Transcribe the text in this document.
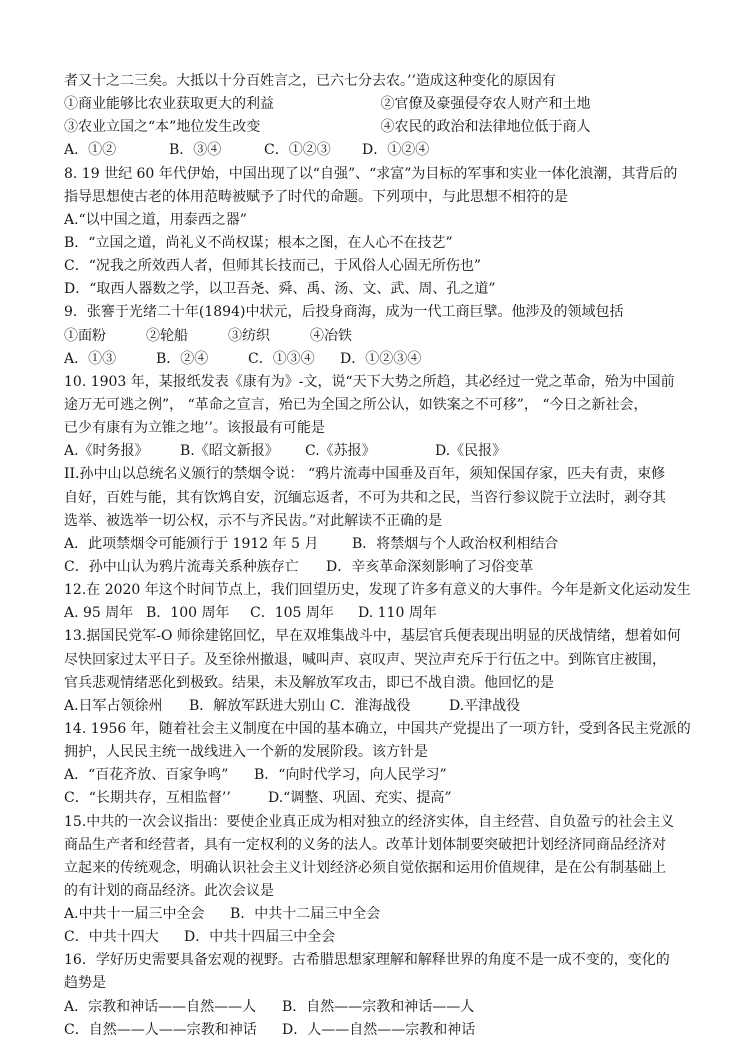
者又十之二三矣。大抵以十分百姓言之，已六七分去农。’’造成这种变化的原因有
①商业能够比农业获取更大的利益	②官僚及豪强侵夺农人财产和土地
③农业立国之“本”地位发生改变	④农民的政治和法律地位低于商人
A．①②	B．③④	C．①②③	D．①②④
8. 19 世纪 60 年代伊始，中国出现了以“自强”、“求富”为目标的军事和实业一体化浪潮，其背后的
指导思想使古老的体用范畴被赋予了时代的命题。下列项中，与此思想不相符的是
A.“以中国之道，用泰西之器”
B．“立国之道，尚礼义不尚权谋；根本之图，在人心不在技艺”
C．“况我之所效西人者，但师其长技而己，于风俗人心固无所伤也”
D．“取西人器数之学，以卫吾尧、舜、禹、汤、文、武、周、孔之道”
9．张謇于光绪二十年(1894)中状元，后投身商海，成为一代工商巨擘。他涉及的领域包括
①面粉	②轮船	③纺织	④冶铁
A．①③	B．②④	C．①③④	D．①②③④
10. 1903 年，某报纸发表《康有为》-文，说“天下大势之所趋，其必经过一党之革命，殆为中国前
途万无可逃之例”， “革命之宣言，殆已为全国之所公认，如铁案之不可移”， “今日之新社会，
已少有康有为立锥之地’’。该报最有可能是
A.《时务报》	B.《昭文新报》	C.《苏报》	D.《民报》
II.孙中山以总统名义颁行的禁烟令说： “鸦片流毒中国垂及百年，须知保国存家，匹夫有责，束修
自好，百姓与能，其有饮鸩自安，沉缅忘返者，不可为共和之民，当咨行参议院于立法时，剥夺其
选举、被选举一切公权，示不与齐民齿。”对此解读不正确的是
A．此项禁烟令可能颁行于 1912 年 5 月	B．将禁烟与个人政治权利相结合
C．孙中山认为鸦片流毒关系种族存亡	D．辛亥革命深刻影响了习俗变革
12.在 2020 年这个时间节点上，我们回望历史，发现了许多有意义的大事件。今年是新文化运动发生
A. 95 周年 B．100 周年	C．105 周年	D. 110 周年
13.据国民党军-O 师徐建铭回忆，早在双堆集战斗中，基层官兵便表现出明显的厌战情绪，想着如何
尽快回家过太平日子。及至徐州撤退，喊叫声、哀叹声、哭泣声充斥于行伍之中。到陈官庄被围，
官兵悲观情绪恶化到极致。结果，未及解放军攻击，即已不战自溃。他回忆的是
A.日军占领徐州	B．解放军跃进大别山 C．淮海战役	D.平津战役
14. 1956 年，随着社会主义制度在中国的基本确立，中国共产党提出了一项方针，受到各民主党派的
拥护，人民民主统一战线进入一个新的发展阶段。该方针是
A．“百花齐放、百家争鸣”	B．“向时代学习，向人民学习”
C．“长期共存，互相监督’’	D.“调整、巩固、充实、提高”
15.中共的一次会议指出：要使企业真正成为相对独立的经济实体，自主经营、自负盈亏的社会主义
商品生产者和经营者，具有一定权利的义务的法人。改革计划体制要突破把计划经济同商品经济对
立起来的传统观念，明确认识社会主义计划经济必须自觉依据和运用价值规律，是在公有制基础上
的有计划的商品经济。此次会议是
A.中共十一届三中全会	B．中共十二届三中全会
C．中共十四大	D．中共十四届三中全会
16．学好历史需要具备宏观的视野。古希腊思想家理解和解释世界的角度不是一成不变的，变化的
趋势是
A．宗教和神话——自然——人	B．自然——宗教和神话——人
C．自然——人——宗教和神话	D．人——自然——宗教和神话
